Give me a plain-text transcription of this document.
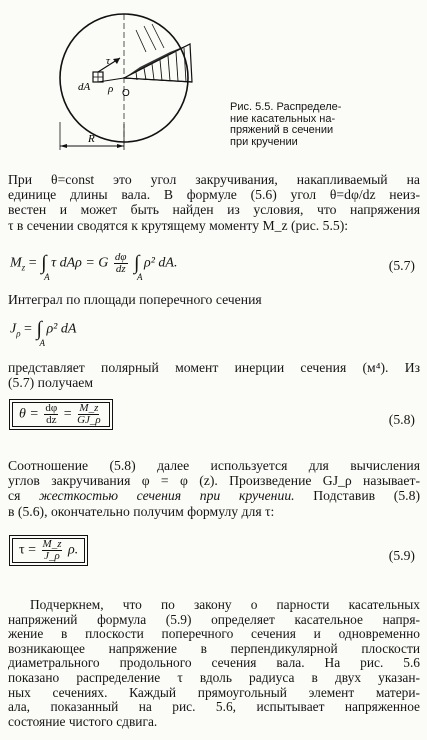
dA ρ O
τ
R
Рис. 5.5. Распределе-
ние касательных на-
пряжений в сечении
при кручении
При θ=const это угол закручивания, накапливаемый на
единице длины вала. В формуле (5.6) угол θ=dφ/dz неиз-
вестен и может быть найден из условия, что напряжения
τ в сечении сводятся к крутящему моменту M_z (рис. 5.5):
$M_z$ = ∫
A
τ dAρ = G $\frac{d\varphi}{dz}$ ∫
A
ρ² dA.	(5.7)
Интеграл по площади поперечного сечения
$J_\rho$ = ∫
A
ρ² dA
представляет полярный момент инерции сечения (м⁴). Из
(5.7) получаем
$\theta = \frac{d\varphi}{dz} = \frac{M\_z}{GJ\_\rho}$	(5.8)
Соотношение (5.8) далее используется для вычисления
углов закручивания φ = φ (z). Произведение GJ_ρ называет-
ся жесткостью сечения при кручении. Подставив (5.8)
в (5.6), окончательно получим формулу для τ:
$\tau = \frac{M\_z}{J\_\rho} \rho$.	(5.9)
Подчеркнем, что по закону о парности касательных
напряжений формула (5.9) определяет касательное напря-
жение в плоскости поперечного сечения и одновременно
возникающее напряжение в перпендикулярной плоскости
диаметрального продольного сечения вала. На рис. 5.6
показано распределение τ вдоль радиуса в двух указан-
ных сечениях. Каждый прямоугольный элемент матери-
ала, показанный на рис. 5.6, испытывает напряженное
состояние чистого сдвига.
